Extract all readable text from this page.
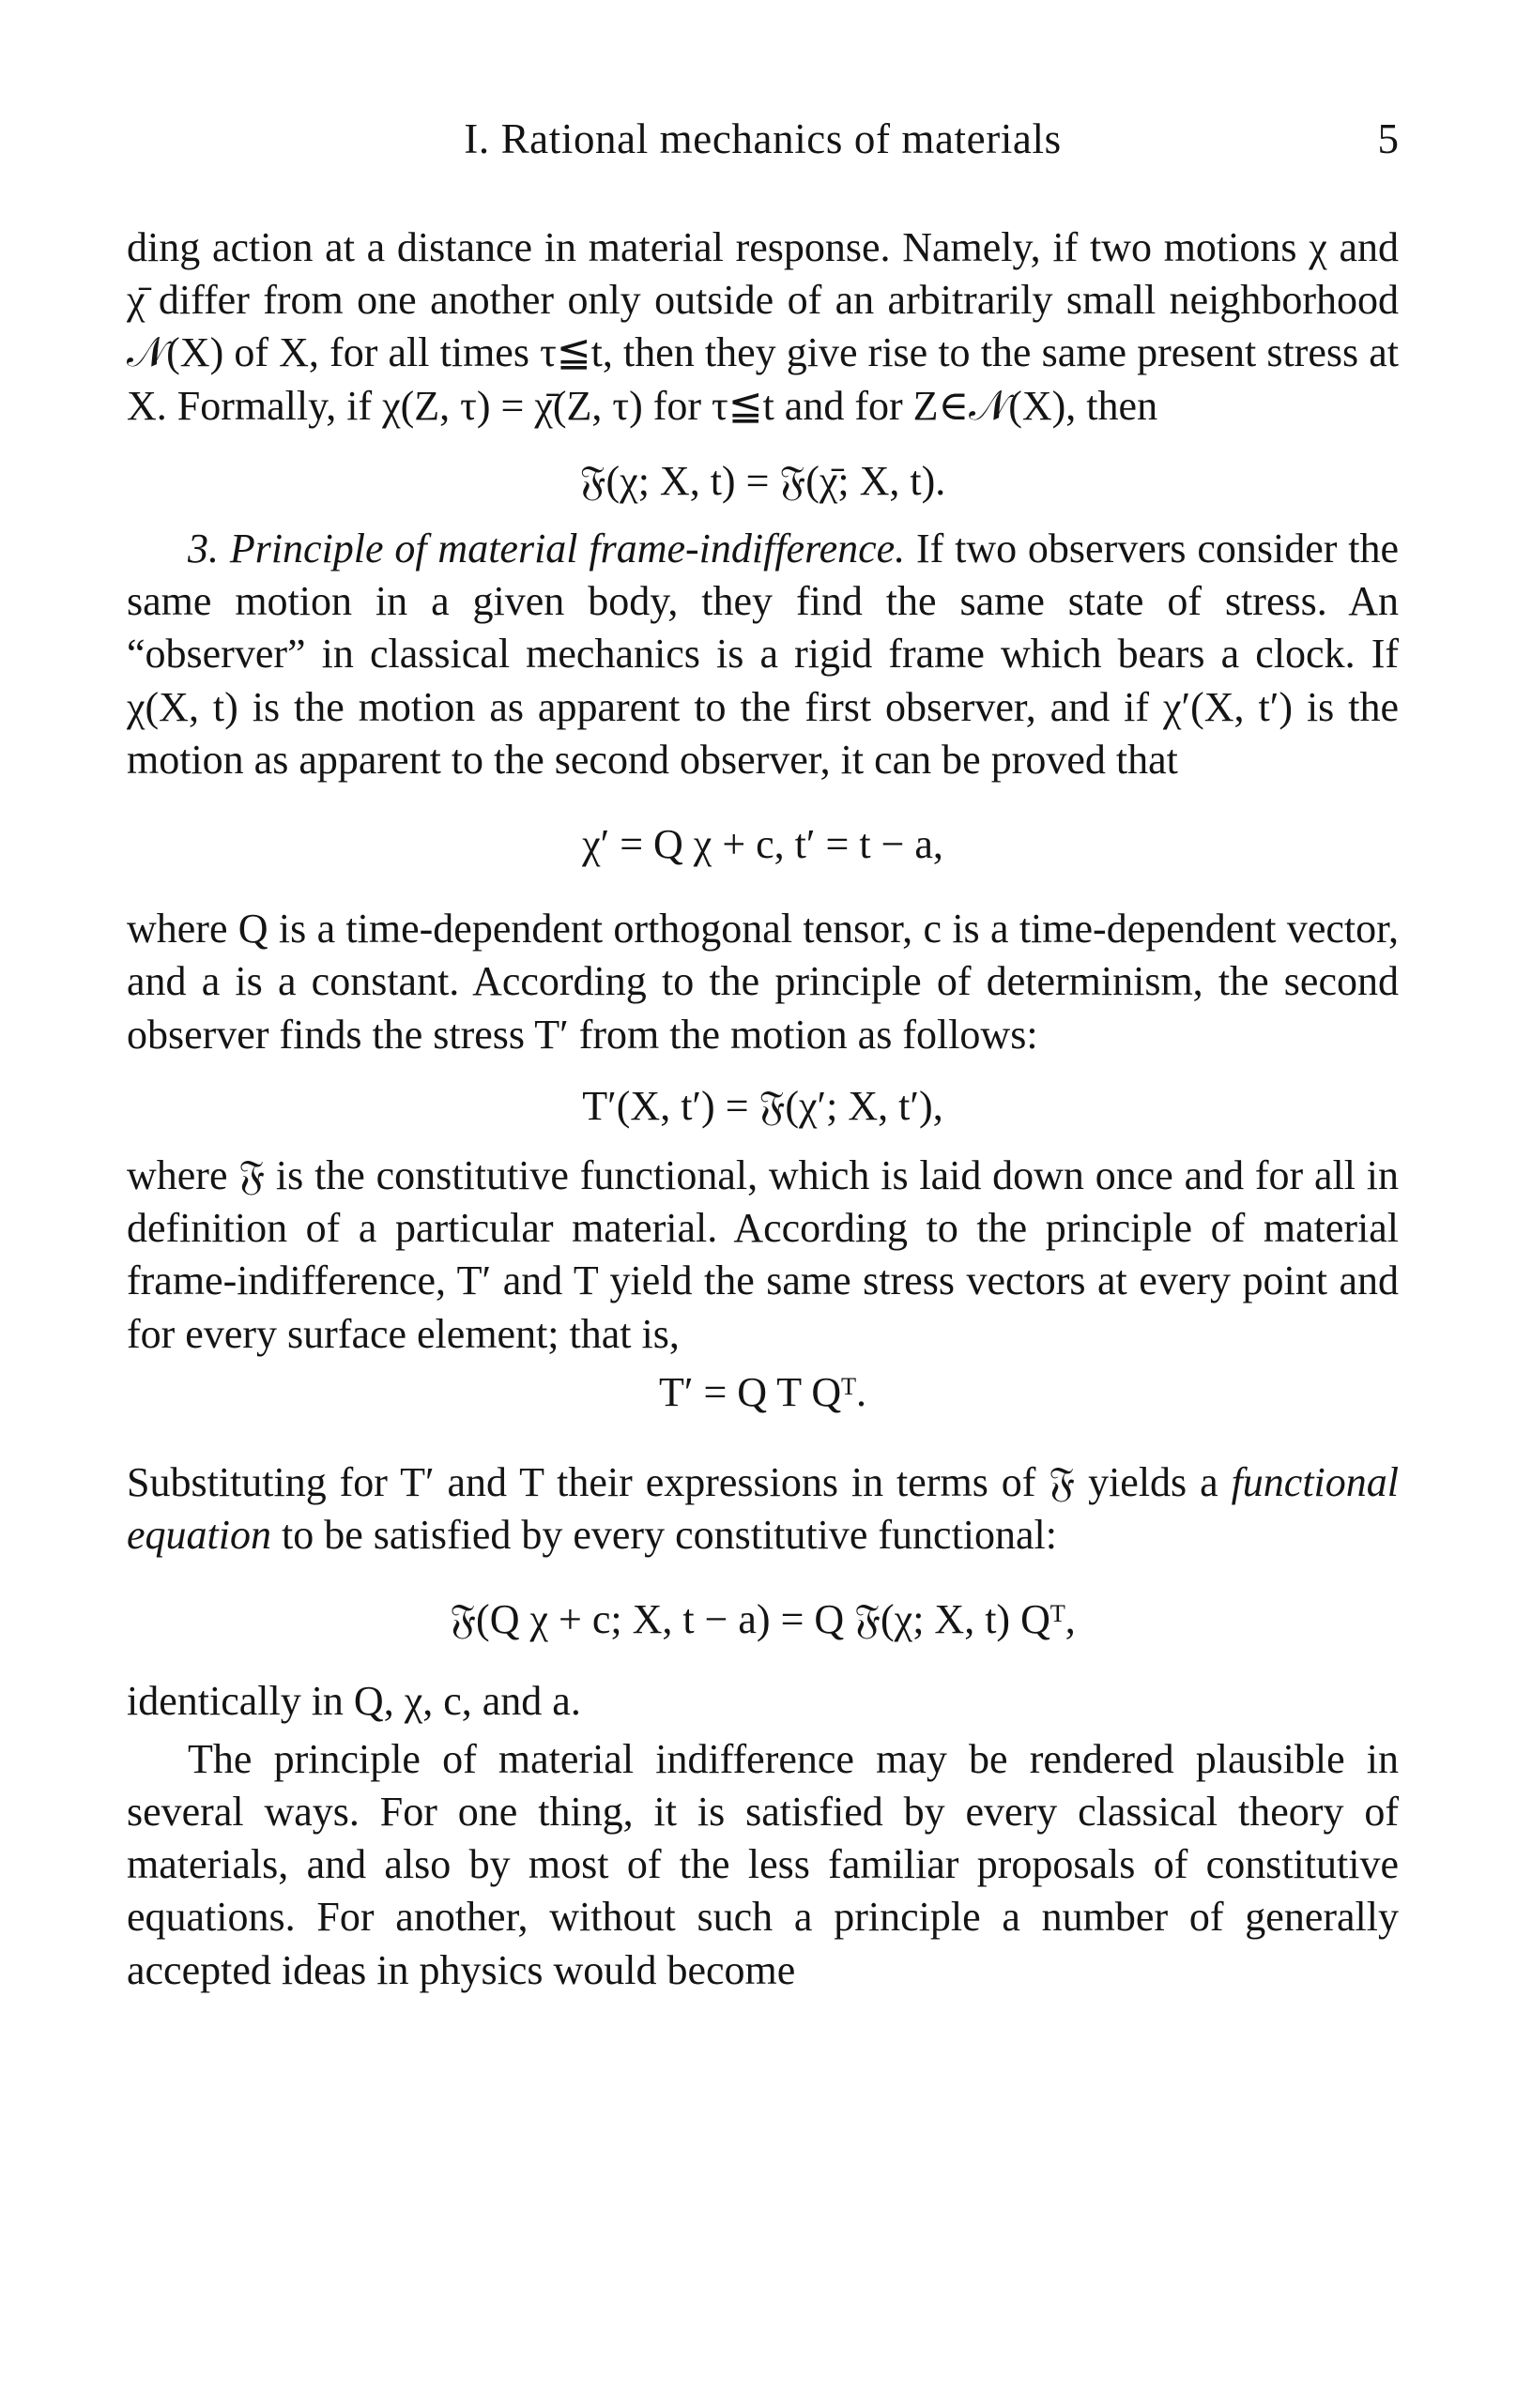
I. Rational mechanics of materials	5

ding action at a distance in material response. Namely, if two motions χ and χ̄ differ from one another only outside of an arbitrarily small neighborhood 𝒩(X) of X, for all times τ≦t, then they give rise to the same present stress at X. Formally, if χ(Z, τ) = χ̄(Z, τ) for τ≦t and for Z∈𝒩(X), then

𝔉(χ; X, t) = 𝔉(χ̄; X, t).

3. Principle of material frame-indifference. If two observers consider the same motion in a given body, they find the same state of stress. An “observer” in classical mechanics is a rigid frame which bears a clock. If χ(X, t) is the motion as apparent to the first observer, and if χ′(X, t′) is the motion as apparent to the second observer, it can be proved that

χ′ = Q χ + c, t′ = t − a,

where Q is a time-dependent orthogonal tensor, c is a time-dependent vector, and a is a constant. According to the principle of determinism, the second observer finds the stress T′ from the motion as follows:

T′(X, t′) = 𝔉(χ′; X, t′),

where 𝔉 is the constitutive functional, which is laid down once and for all in definition of a particular material. According to the principle of material frame-indifference, T′ and T yield the same stress vectors at every point and for every surface element; that is,

T′ = Q T Qᵀ.

Substituting for T′ and T their expressions in terms of 𝔉 yields a functional equation to be satisfied by every constitutive functional:

𝔉(Q χ + c; X, t − a) = Q 𝔉(χ; X, t) Qᵀ,

identically in Q, χ, c, and a.

The principle of material indifference may be rendered plausible in several ways. For one thing, it is satisfied by every classical theory of materials, and also by most of the less familiar proposals of constitutive equations. For another, without such a principle a number of generally accepted ideas in physics would become
